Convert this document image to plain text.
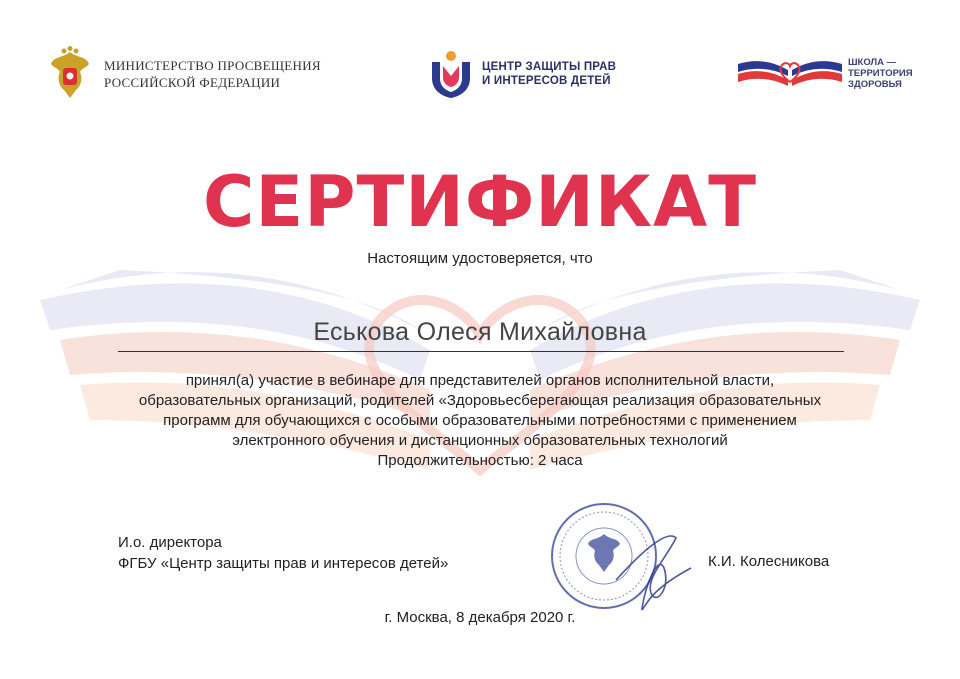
МИНИСТЕРСТВО ПРОСВЕЩЕНИЯ
РОССИЙСКОЙ ФЕДЕРАЦИИ
ЦЕНТР ЗАЩИТЫ ПРАВ
И ИНТЕРЕСОВ ДЕТЕЙ
ШКОЛА —
ТЕРРИТОРИЯ
ЗДОРОВЬЯ
СЕРТИФИКАТ
Настоящим удостоверяется, что
Еськова Олеся Михайловна
принял(а) участие в вебинаре для представителей органов исполнительной власти,
образовательных организаций, родителей «Здоровьесберегающая реализация образовательных
программ для обучающихся с особыми образовательными потребностями с применением
электронного обучения и дистанционных образовательных технологий
Продолжительностью: 2 часа
И.о. директора
ФГБУ «Центр защиты прав и интересов детей»	К.И. Колесникова
г. Москва, 8 декабря 2020 г.
